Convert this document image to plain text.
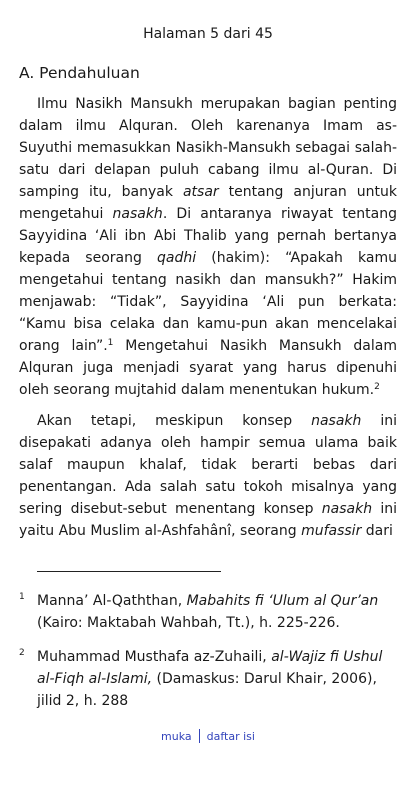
Halaman 5 dari 45
A. Pendahuluan

Ilmu Nasikh Mansukh merupakan bagian penting dalam ilmu Alquran. Oleh karenanya Imam as-Suyuthi memasukkan Nasikh-Mansukh sebagai salah-satu dari delapan puluh cabang ilmu al-Quran. Di samping itu, banyak atsar tentang anjuran untuk mengetahui nasakh. Di antaranya riwayat tentang Sayyidina ‘Ali ibn Abi Thalib yang pernah bertanya kepada seorang qadhi (hakim): “Apakah kamu mengetahui tentang nasikh dan mansukh?” Hakim menjawab: “Tidak”, Sayyidina ‘Ali pun berkata: “Kamu bisa celaka dan kamu-pun akan mencelakai orang lain”.$^1$ Mengetahui Nasikh Mansukh dalam Alquran juga menjadi syarat yang harus dipenuhi oleh seorang mujtahid dalam menentukan hukum.$^2$

Akan tetapi, meskipun konsep nasakh ini disepakati adanya oleh hampir semua ulama baik salaf maupun khalaf, tidak berarti bebas dari penentangan. Ada salah satu tokoh misalnya yang sering disebut-sebut menentang konsep nasakh ini yaitu Abu Muslim al-Ashfahânî, seorang mufassir dari

1 Manna’ Al-Qaththan, Mabahits fi ‘Ulum al Qur’an (Kairo: Maktabah Wahbah, Tt.), h. 225-226.
2 Muhammad Musthafa az-Zuhaili, al-Wajiz fi Ushul al-Fiqh al-Islami, (Damaskus: Darul Khair, 2006), jilid 2, h. 288
muka daftar isi
